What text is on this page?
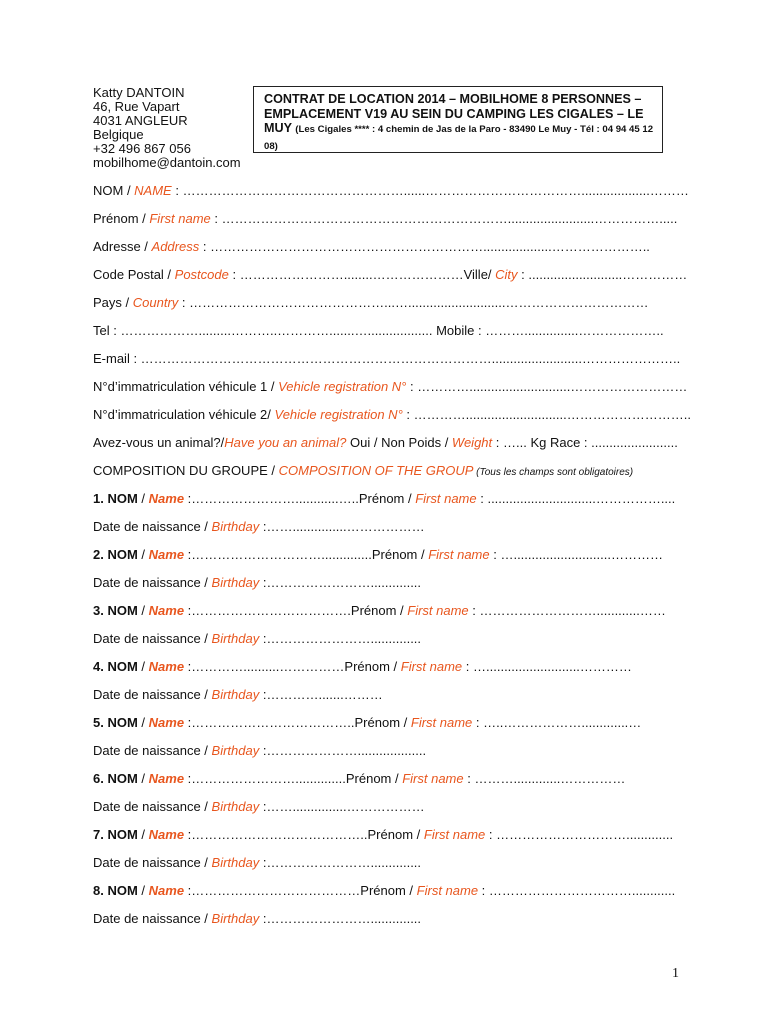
Katty DANTOIN
46, Rue Vapart
4031 ANGLEUR
Belgique
+32 496 867 056
mobilhome@dantoin.com
CONTRAT DE LOCATION 2014 – MOBILHOME 8 PERSONNES – EMPLACEMENT V19 AU SEIN DU CAMPING LES CIGALES – LE MUY (Les Cigales **** : 4 chemin de Jas de la Paro - 83490 Le Muy - Tél : 04 94 45 12 08)
NOM / NAME : ……………………………………………......………………………………...................………
Prénom / First name : …………………………………………………………........................…………….....
Adresse / Address : ………………………………………………………...................…………………..
Code Postal / Postcode : ……………………........…………………Ville/ City : ..........................……………
Pays / Country : ………………………………………...…...........................……………………………
Tel : ……………….........………..………….......….................. Mobile : ………...............………………..
E-mail : ……………………………………………………………………….........................…………………..
N°d’immatriculation véhicule 1 / Vehicle registration N° : …………............................………………………
N°d’immatriculation véhicule 2/ Vehicle registration N° : …………............................………………………..
Avez-vous un animal?/Have you an animal? Oui / Non Poids / Weight : …... Kg Race : ........................
COMPOSITION DU GROUPE / COMPOSITION OF THE GROUP (Tous les champs sont obligatoires)
1. NOM / Name :……………………............…..Prénom / First name : ..............................……………....
Date de naissance / Birthday :……...............………………
2. NOM / Name :…………………………..............Prénom / First name : …...........................…………
Date de naissance / Birthday :……………………..............
3. NOM / Name :……………………………….Prénom / First name : ………………………............……
Date de naissance / Birthday :……………………..............
4. NOM / Name :…………..........……………Prénom / First name : …..........................…………
Date de naissance / Birthday :………….......………
5. NOM / Name :………………………………..Prénom / First name : …..……………….............…
Date de naissance / Birthday :…………………...................
6. NOM / Name :……………………..............Prénom / First name : ……….............……………
Date de naissance / Birthday :……...............………………
7. NOM / Name :…………………………………..Prénom / First name : ………………………….............
Date de naissance / Birthday :……………………..............
8. NOM / Name :…………………………………Prénom / First name : ……………………………............
Date de naissance / Birthday :……………………..............
1
